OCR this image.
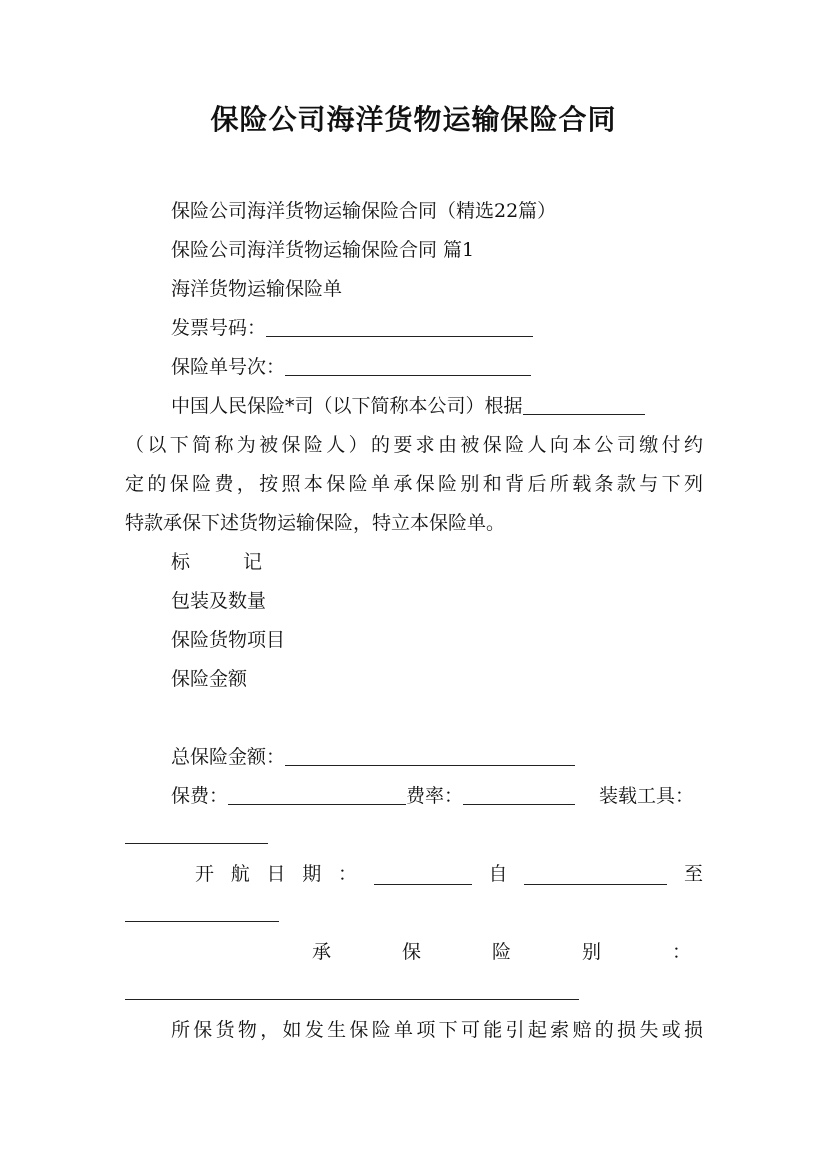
保险公司海洋货物运输保险合同
保险公司海洋货物运输保险合同（精选22篇）
保险公司海洋货物运输保险合同 篇1
海洋货物运输保险单
发票号码：
保险单号次：
中国人民保险*司（以下简称本公司）根据
（以下简称为被保险人）的要求由被保险人向本公司缴付约
定的保险费，按照本保险单承保险别和背后所载条款与下列
特款承保下述货物运输保险，特立本保险单。
标	记
包装及数量
保险货物项目
保险金额
总保险金额：
保费：	费率：	装载工具：
开 航 日 期 ：	自	至
承	保	险	别	：
所保货物，如发生保险单项下可能引起索赔的损失或损
